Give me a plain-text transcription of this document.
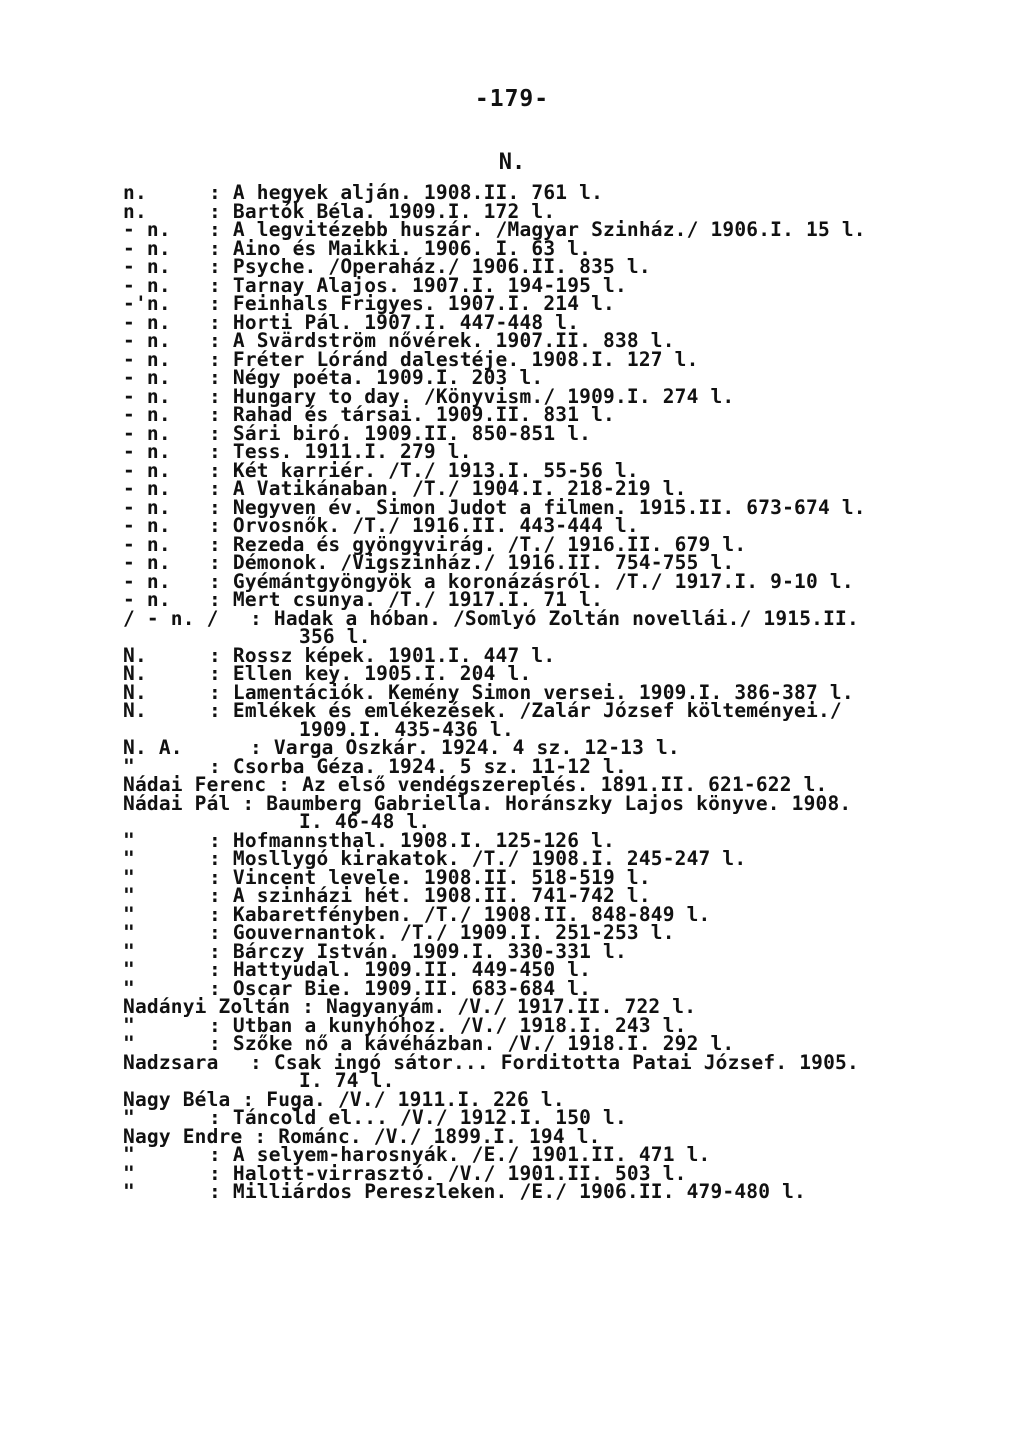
-179-
N.
n.	: A hegyek alján. 1908.II. 761 l.
n.	: Bartók Béla. 1909.I. 172 l.
- n. : A legvitézebb huszár. /Magyar Szinház./ 1906.I. 15 l.
- n. : Aino és Maikki. 1906. I. 63 l.
- n. : Psyche. /Operaház./ 1906.II. 835 l.
- n. : Tarnay Alajos. 1907.I. 194-195 l.
-'n. : Feinhals Frigyes. 1907.I. 214 l.
- n. : Horti Pál. 1907.I. 447-448 l.
- n. : A Svärdström nővérek. 1907.II. 838 l.
- n. : Fréter Lóránd dalestéje. 1908.I. 127 l.
- n. : Négy poéta. 1909.I. 203 l.
- n. : Hungary to day. /Könyvism./ 1909.I. 274 l.
- n. : Rahad és társai. 1909.II. 831 l.
- n. : Sári biró. 1909.II. 850-851 l.
- n. : Tess. 1911.I. 279 l.
- n. : Két karriér. /T./ 1913.I. 55-56 l.
- n. : A Vatikánaban. /T./ 1904.I. 218-219 l.
- n. : Negyven év. Simon Judot a filmen. 1915.II. 673-674 l.
- n. : Orvosnők. /T./ 1916.II. 443-444 l.
- n. : Rezeda és gyöngyvirág. /T./ 1916.II. 679 l.
- n. : Démonok. /Vigszinház./ 1916.II. 754-755 l.
- n. : Gyémántgyöngyök a koronázásról. /T./ 1917.I. 9-10 l.
- n. : Mert csunya. /T./ 1917.I. 71 l.
/ - n. / : Hadak a hóban. /Somlyó Zoltán novellái./ 1915.II.
356 l.
N.	: Rossz képek. 1901.I. 447 l.
N.	: Ellen key. 1905.I. 204 l.
N.	: Lamentációk. Kemény Simon versei. 1909.I. 386-387 l.
N.	: Emlékek és emlékezések. /Zalár József költeményei./
1909.I. 435-436 l.
N. A.	: Varga Oszkár. 1924. 4 sz. 12-13 l.
"	: Csorba Géza. 1924. 5 sz. 11-12 l.
Nádai Ferenc : Az első vendégszereplés. 1891.II. 621-622 l.
Nádai Pál : Baumberg Gabriella. Horánszky Lajos könyve. 1908.
I. 46-48 l.
"	: Hofmannsthal. 1908.I. 125-126 l.
"	: Mosllygó kirakatok. /T./ 1908.I. 245-247 l.
"	: Vincent levele. 1908.II. 518-519 l.
"	: A szinházi hét. 1908.II. 741-742 l.
"	: Kabaretfényben. /T./ 1908.II. 848-849 l.
"	: Gouvernantok. /T./ 1909.I. 251-253 l.
"	: Bárczy István. 1909.I. 330-331 l.
"	: Hattyudal. 1909.II. 449-450 l.
"	: Oscar Bie. 1909.II. 683-684 l.
Nadányi Zoltán : Nagyanyám. /V./ 1917.II. 722 l.
"	: Utban a kunyhóhoz. /V./ 1918.I. 243 l.
"	: Szőke nő a kávéházban. /V./ 1918.I. 292 l.
Nadzsara : Csak ingó sátor... Forditotta Patai József. 1905.
I. 74 l.
Nagy Béla : Fuga. /V./ 1911.I. 226 l.
"	: Táncold el... /V./ 1912.I. 150 l.
Nagy Endre : Románc. /V./ 1899.I. 194 l.
"	: A selyem-harosnyák. /E./ 1901.II. 471 l.
"	: Halott-virrasztó. /V./ 1901.II. 503 l.
"	: Milliárdos Pereszleken. /E./ 1906.II. 479-480 l.
